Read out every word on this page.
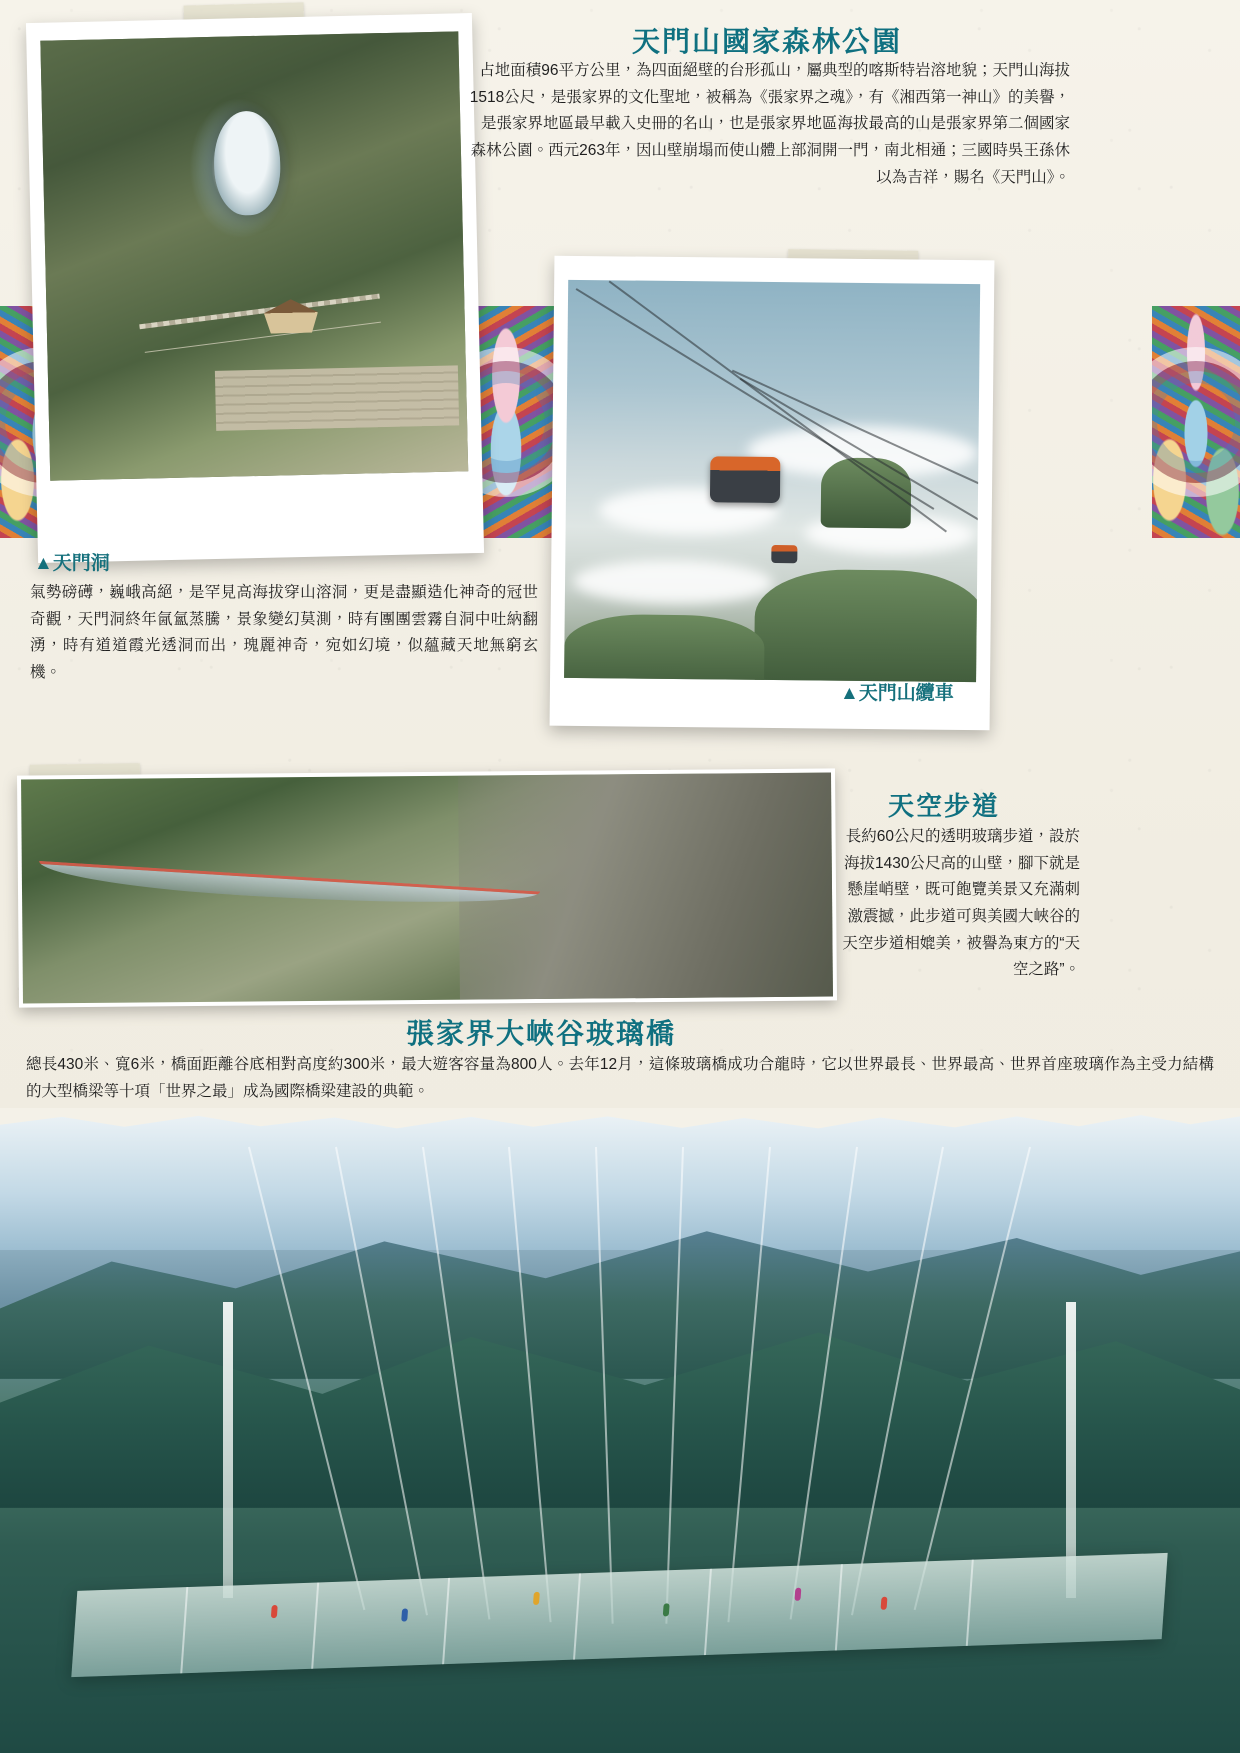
天門山國家森林公園
占地面積96平方公里，為四面絕壁的台形孤山，屬典型的喀斯特岩溶地貌；天門山海拔1518公尺，是張家界的文化聖地，被稱為《張家界之魂》，有《湘西第一神山》的美譽，是張家界地區最早載入史冊的名山，也是張家界地區海拔最高的山是張家界第二個國家森林公園。西元263年，因山壁崩塌而使山體上部洞開一門，南北相通；三國時吳王孫休以為吉祥，賜名《天門山》。
▲天門洞
氣勢磅礡，巍峨高絕，是罕見高海拔穿山溶洞，更是盡顯造化神奇的冠世奇觀，天門洞終年氤氳蒸騰，景象變幻莫測，時有團團雲霧自洞中吐納翻湧，時有道道霞光透洞而出，瑰麗神奇，宛如幻境，似蘊藏天地無窮玄機。
▲天門山纜車
天空步道
長約60公尺的透明玻璃步道，設於海拔1430公尺高的山壁，腳下就是懸崖峭壁，既可飽覽美景又充滿刺激震撼，此步道可與美國大峽谷的天空步道相媲美，被譽為東方的“天空之路”。
張家界大峽谷玻璃橋
總長430米、寬6米，橋面距離谷底相對高度約300米，最大遊客容量為800人。去年12月，這條玻璃橋成功合龍時，它以世界最長、世界最高、世界首座玻璃作為主受力結構的大型橋梁等十項「世界之最」成為國際橋梁建設的典範。
